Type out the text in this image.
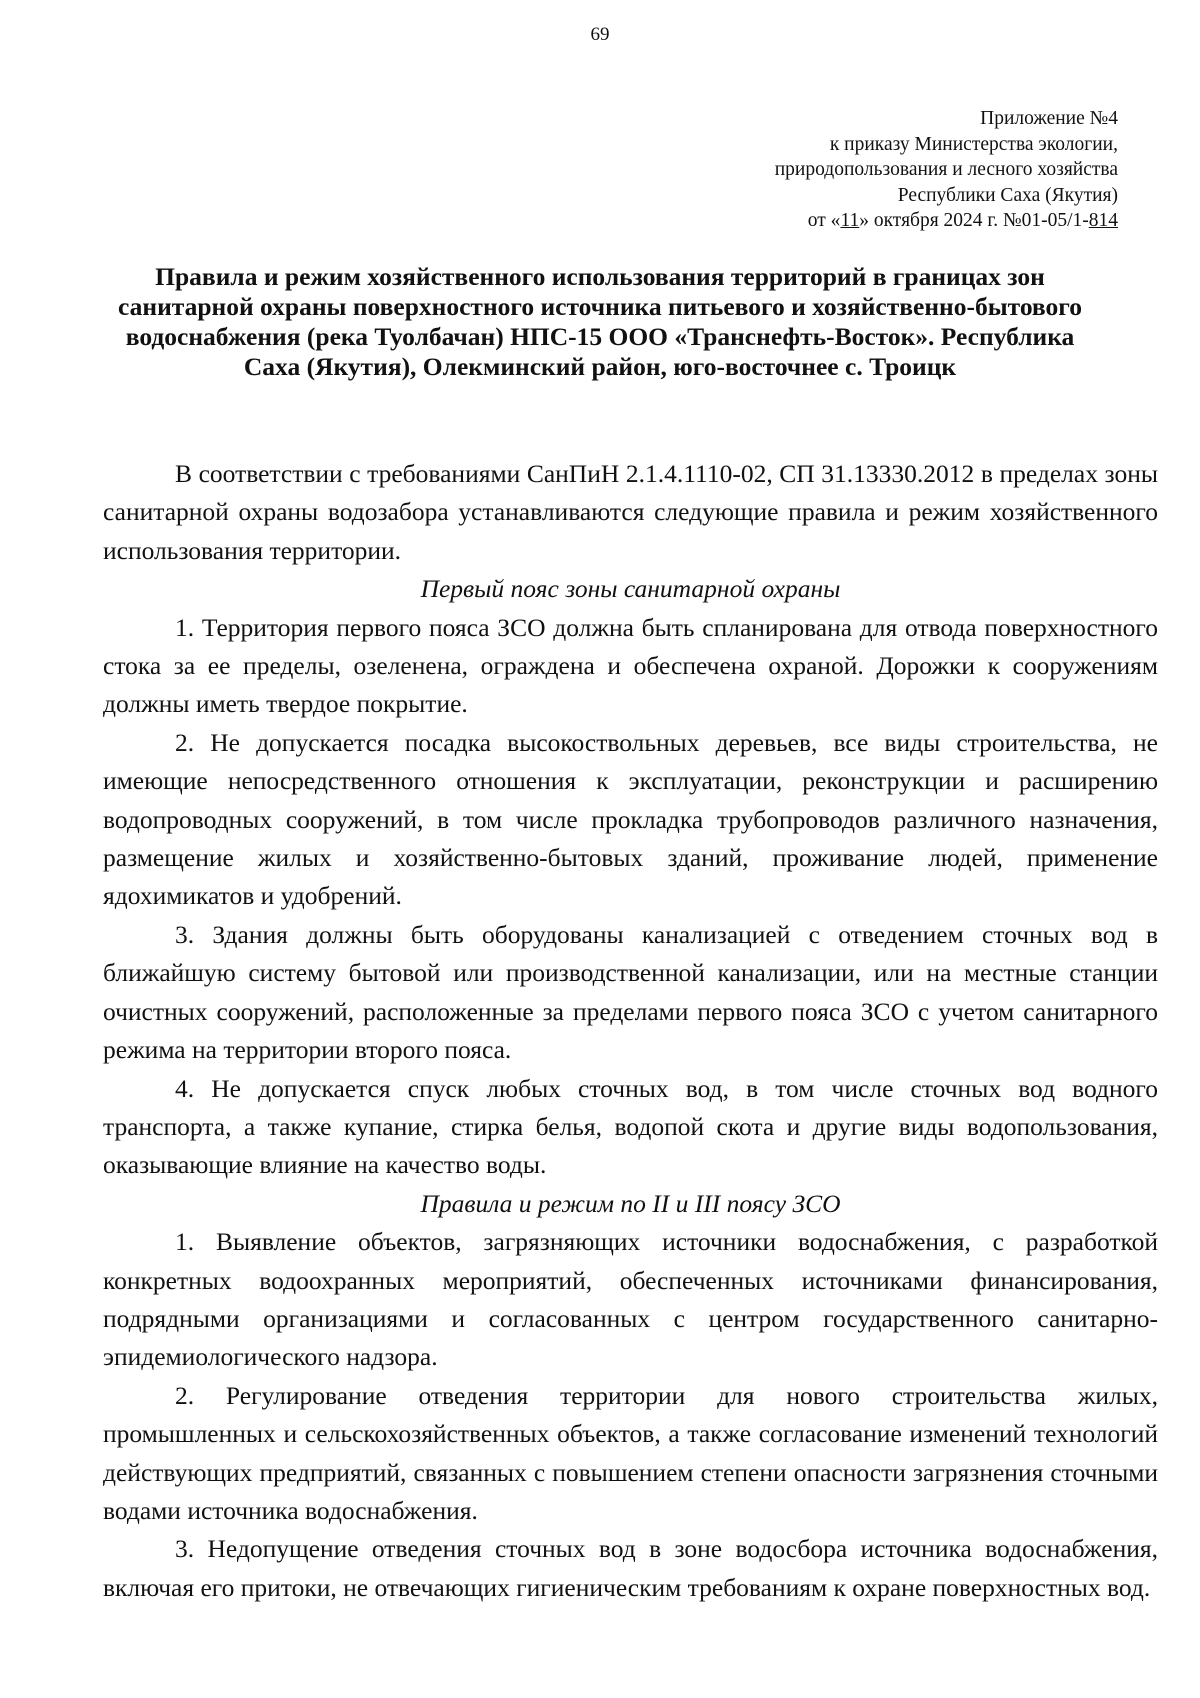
69
Приложение №4
к приказу Министерства экологии,
природопользования и лесного хозяйства
Республики Саха (Якутия)
от «11» октября 2024 г. №01-05/1-814
Правила и режим хозяйственного использования территорий в границах зон санитарной охраны поверхностного источника питьевого и хозяйственно-бытового водоснабжения (река Туолбачан) НПС-15 ООО «Транснефть-Восток». Республика Саха (Якутия), Олекминский район, юго-восточнее с. Троицк

В соответствии с требованиями СанПиН 2.1.4.1110-02, СП 31.13330.2012 в пределах зоны санитарной охраны водозабора устанавливаются следующие правила и режим хозяйственного использования территории.

Первый пояс зоны санитарной охраны

1. Территория первого пояса ЗСО должна быть спланирована для отвода поверхностного стока за ее пределы, озеленена, ограждена и обеспечена охраной. Дорожки к сооружениям должны иметь твердое покрытие.

2. Не допускается посадка высокоствольных деревьев, все виды строительства, не имеющие непосредственного отношения к эксплуатации, реконструкции и расширению водопроводных сооружений, в том числе прокладка трубопроводов различного назначения, размещение жилых и хозяйственно-бытовых зданий, проживание людей, применение ядохимикатов и удобрений.

3. Здания должны быть оборудованы канализацией с отведением сточных вод в ближайшую систему бытовой или производственной канализации, или на местные станции очистных сооружений, расположенные за пределами первого пояса ЗСО с учетом санитарного режима на территории второго пояса.

4. Не допускается спуск любых сточных вод, в том числе сточных вод водного транспорта, а также купание, стирка белья, водопой скота и другие виды водопользования, оказывающие влияние на качество воды.

Правила и режим по II и III поясу ЗСО

1. Выявление объектов, загрязняющих источники водоснабжения, с разработкой конкретных водоохранных мероприятий, обеспеченных источниками финансирования, подрядными организациями и согласованных с центром государственного санитарно-эпидемиологического надзора.

2. Регулирование отведения территории для нового строительства жилых, промышленных и сельскохозяйственных объектов, а также согласование изменений технологий действующих предприятий, связанных с повышением степени опасности загрязнения сточными водами источника водоснабжения.

3. Недопущение отведения сточных вод в зоне водосбора источника водоснабжения, включая его притоки, не отвечающих гигиеническим требованиям к охране поверхностных вод.
